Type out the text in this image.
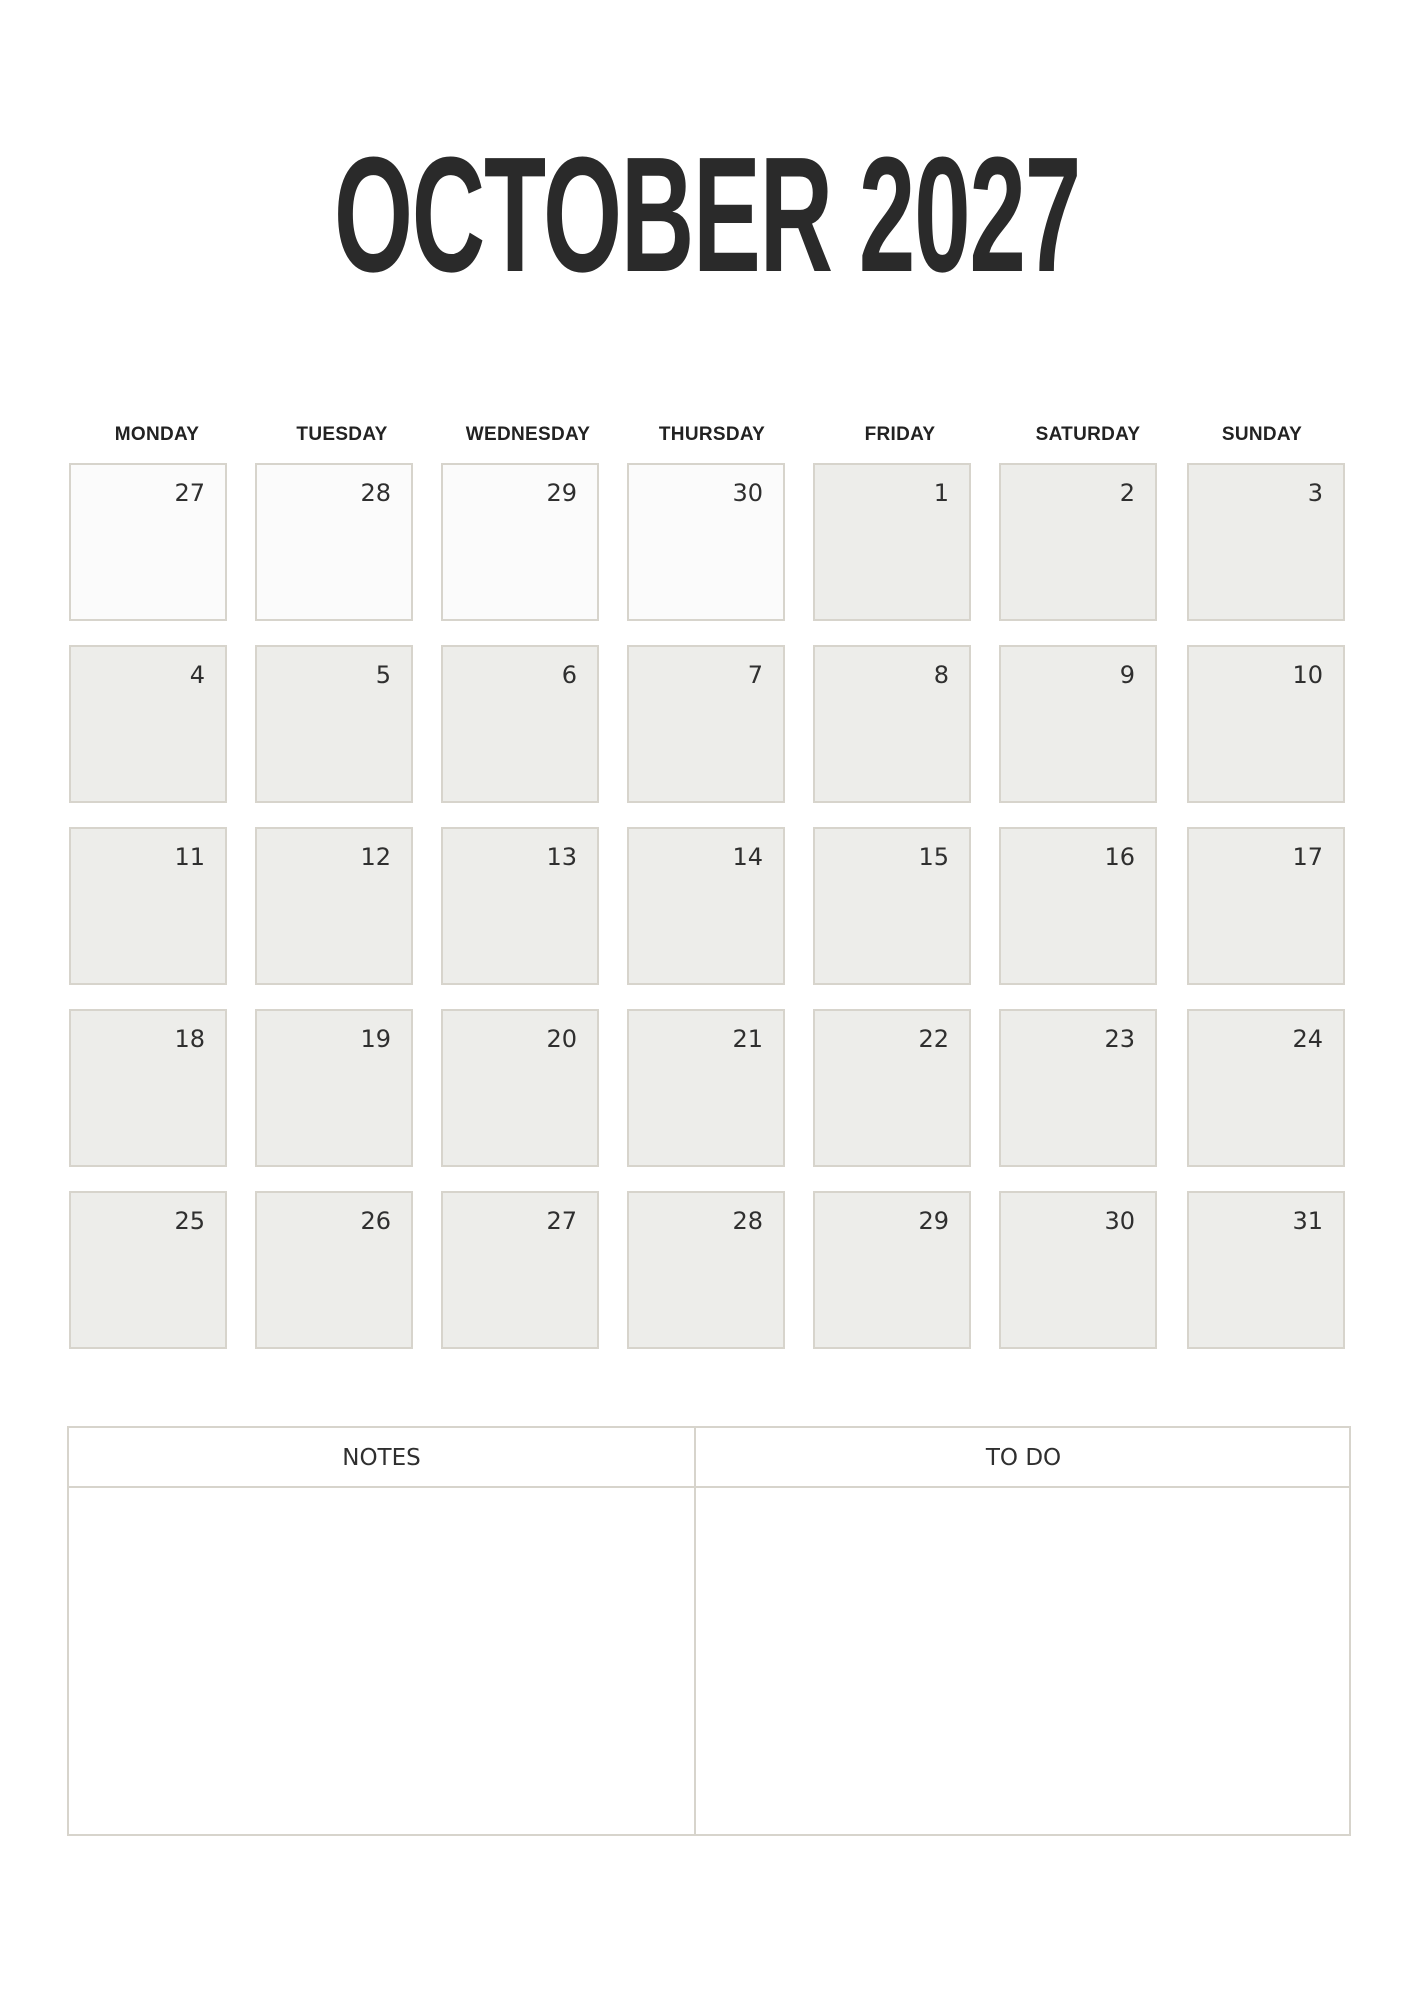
OCTOBER 2027
MONDAY	TUESDAY	WEDNESDAY	THURSDAY	FRIDAY	SATURDAY	SUNDAY
27	28	29	30	1	2	3
4	5	6	7	8	9	10
11	12	13	14	15	16	17
18	19	20	21	22	23	24
25	26	27	28	29	30	31
NOTES	TO DO
